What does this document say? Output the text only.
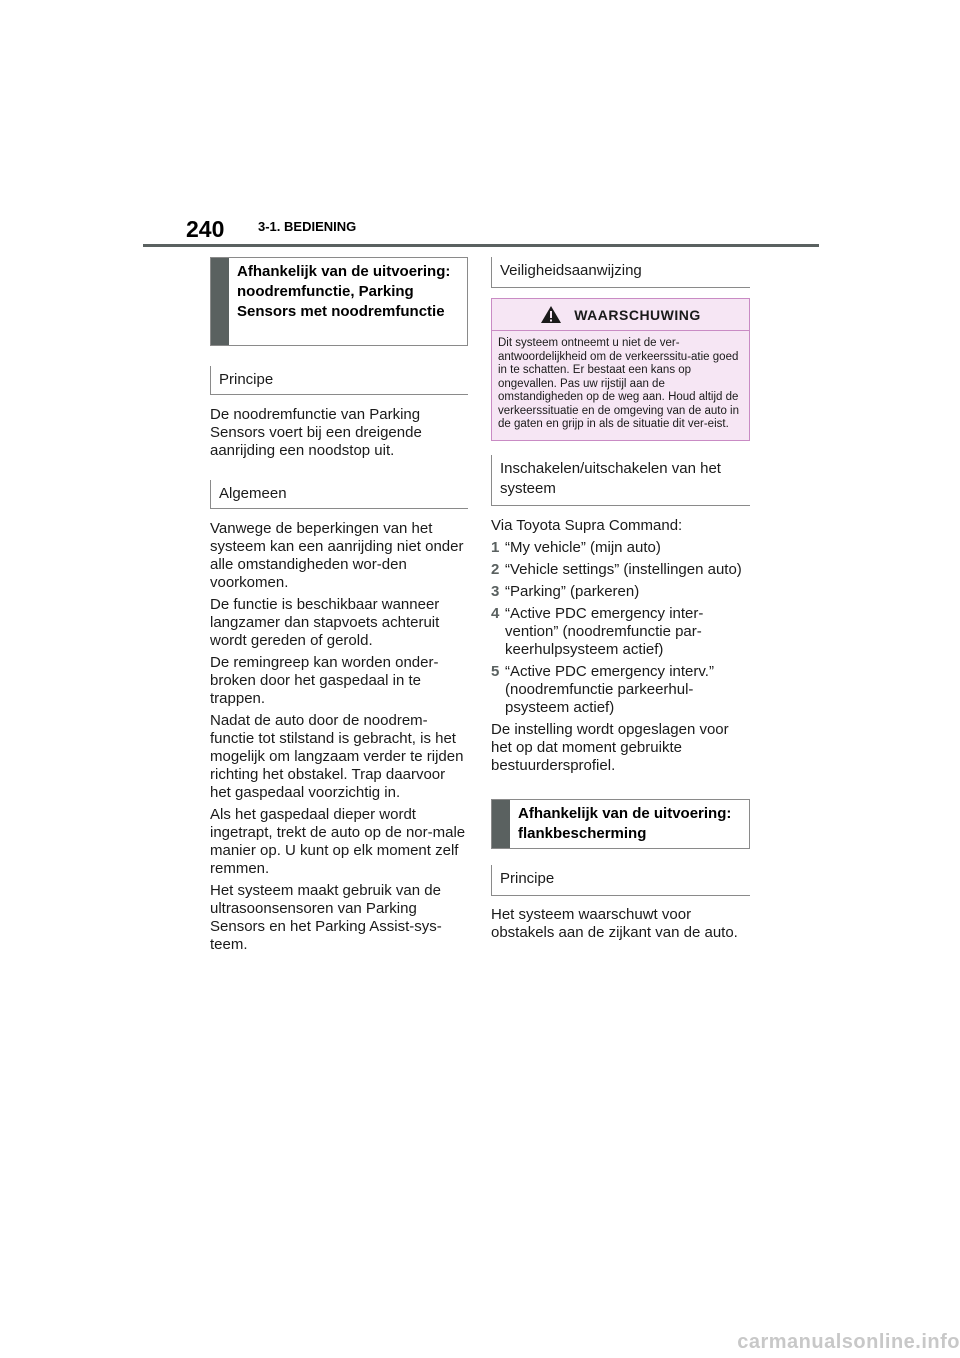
240	3-1. BEDIENING
Afhankelijk van de uitvoering: noodremfunctie, Parking Sensors met noodremfunctie
Principe

De noodremfunctie van Parking Sensors voert bij een dreigende aanrijding een noodstop uit.

Algemeen

Vanwege de beperkingen van het systeem kan een aanrijding niet onder alle omstandigheden wor-den voorkomen.

De functie is beschikbaar wanneer langzamer dan stapvoets achteruit wordt gereden of gerold.

De remingreep kan worden onder-broken door het gaspedaal in te trappen.

Nadat de auto door de noodrem-functie tot stilstand is gebracht, is het mogelijk om langzaam verder te rijden richting het obstakel. Trap daarvoor het gaspedaal voorzichtig in.

Als het gaspedaal dieper wordt ingetrapt, trekt de auto op de nor-male manier op. U kunt op elk moment zelf remmen.

Het systeem maakt gebruik van de ultrasoonsensoren van Parking Sensors en het Parking Assist-sys-teem.

Veiligheidsaanwijzing
WAARSCHUWING
Dit systeem ontneemt u niet de ver-antwoordelijkheid om de verkeerssitu-atie goed in te schatten. Er bestaat een kans op ongevallen. Pas uw rijstijl aan de omstandigheden op de weg aan. Houd altijd de verkeerssituatie en de omgeving van de auto in de gaten en grijp in als de situatie dit ver-eist.
Inschakelen/uitschakelen van het systeem

Via Toyota Supra Command:

1 “My vehicle” (mijn auto)
2 “Vehicle settings” (instellingen auto)
3 “Parking” (parkeren)
4 “Active PDC emergency inter-vention” (noodremfunctie par-keerhulpsysteem actief)
5 “Active PDC emergency interv.” (noodremfunctie parkeerhul-psysteem actief)

De instelling wordt opgeslagen voor het op dat moment gebruikte bestuurdersprofiel.

Afhankelijk van de uitvoering: flankbescherming
Principe

Het systeem waarschuwt voor obstakels aan de zijkant van de auto.

carmanualsonline.info
